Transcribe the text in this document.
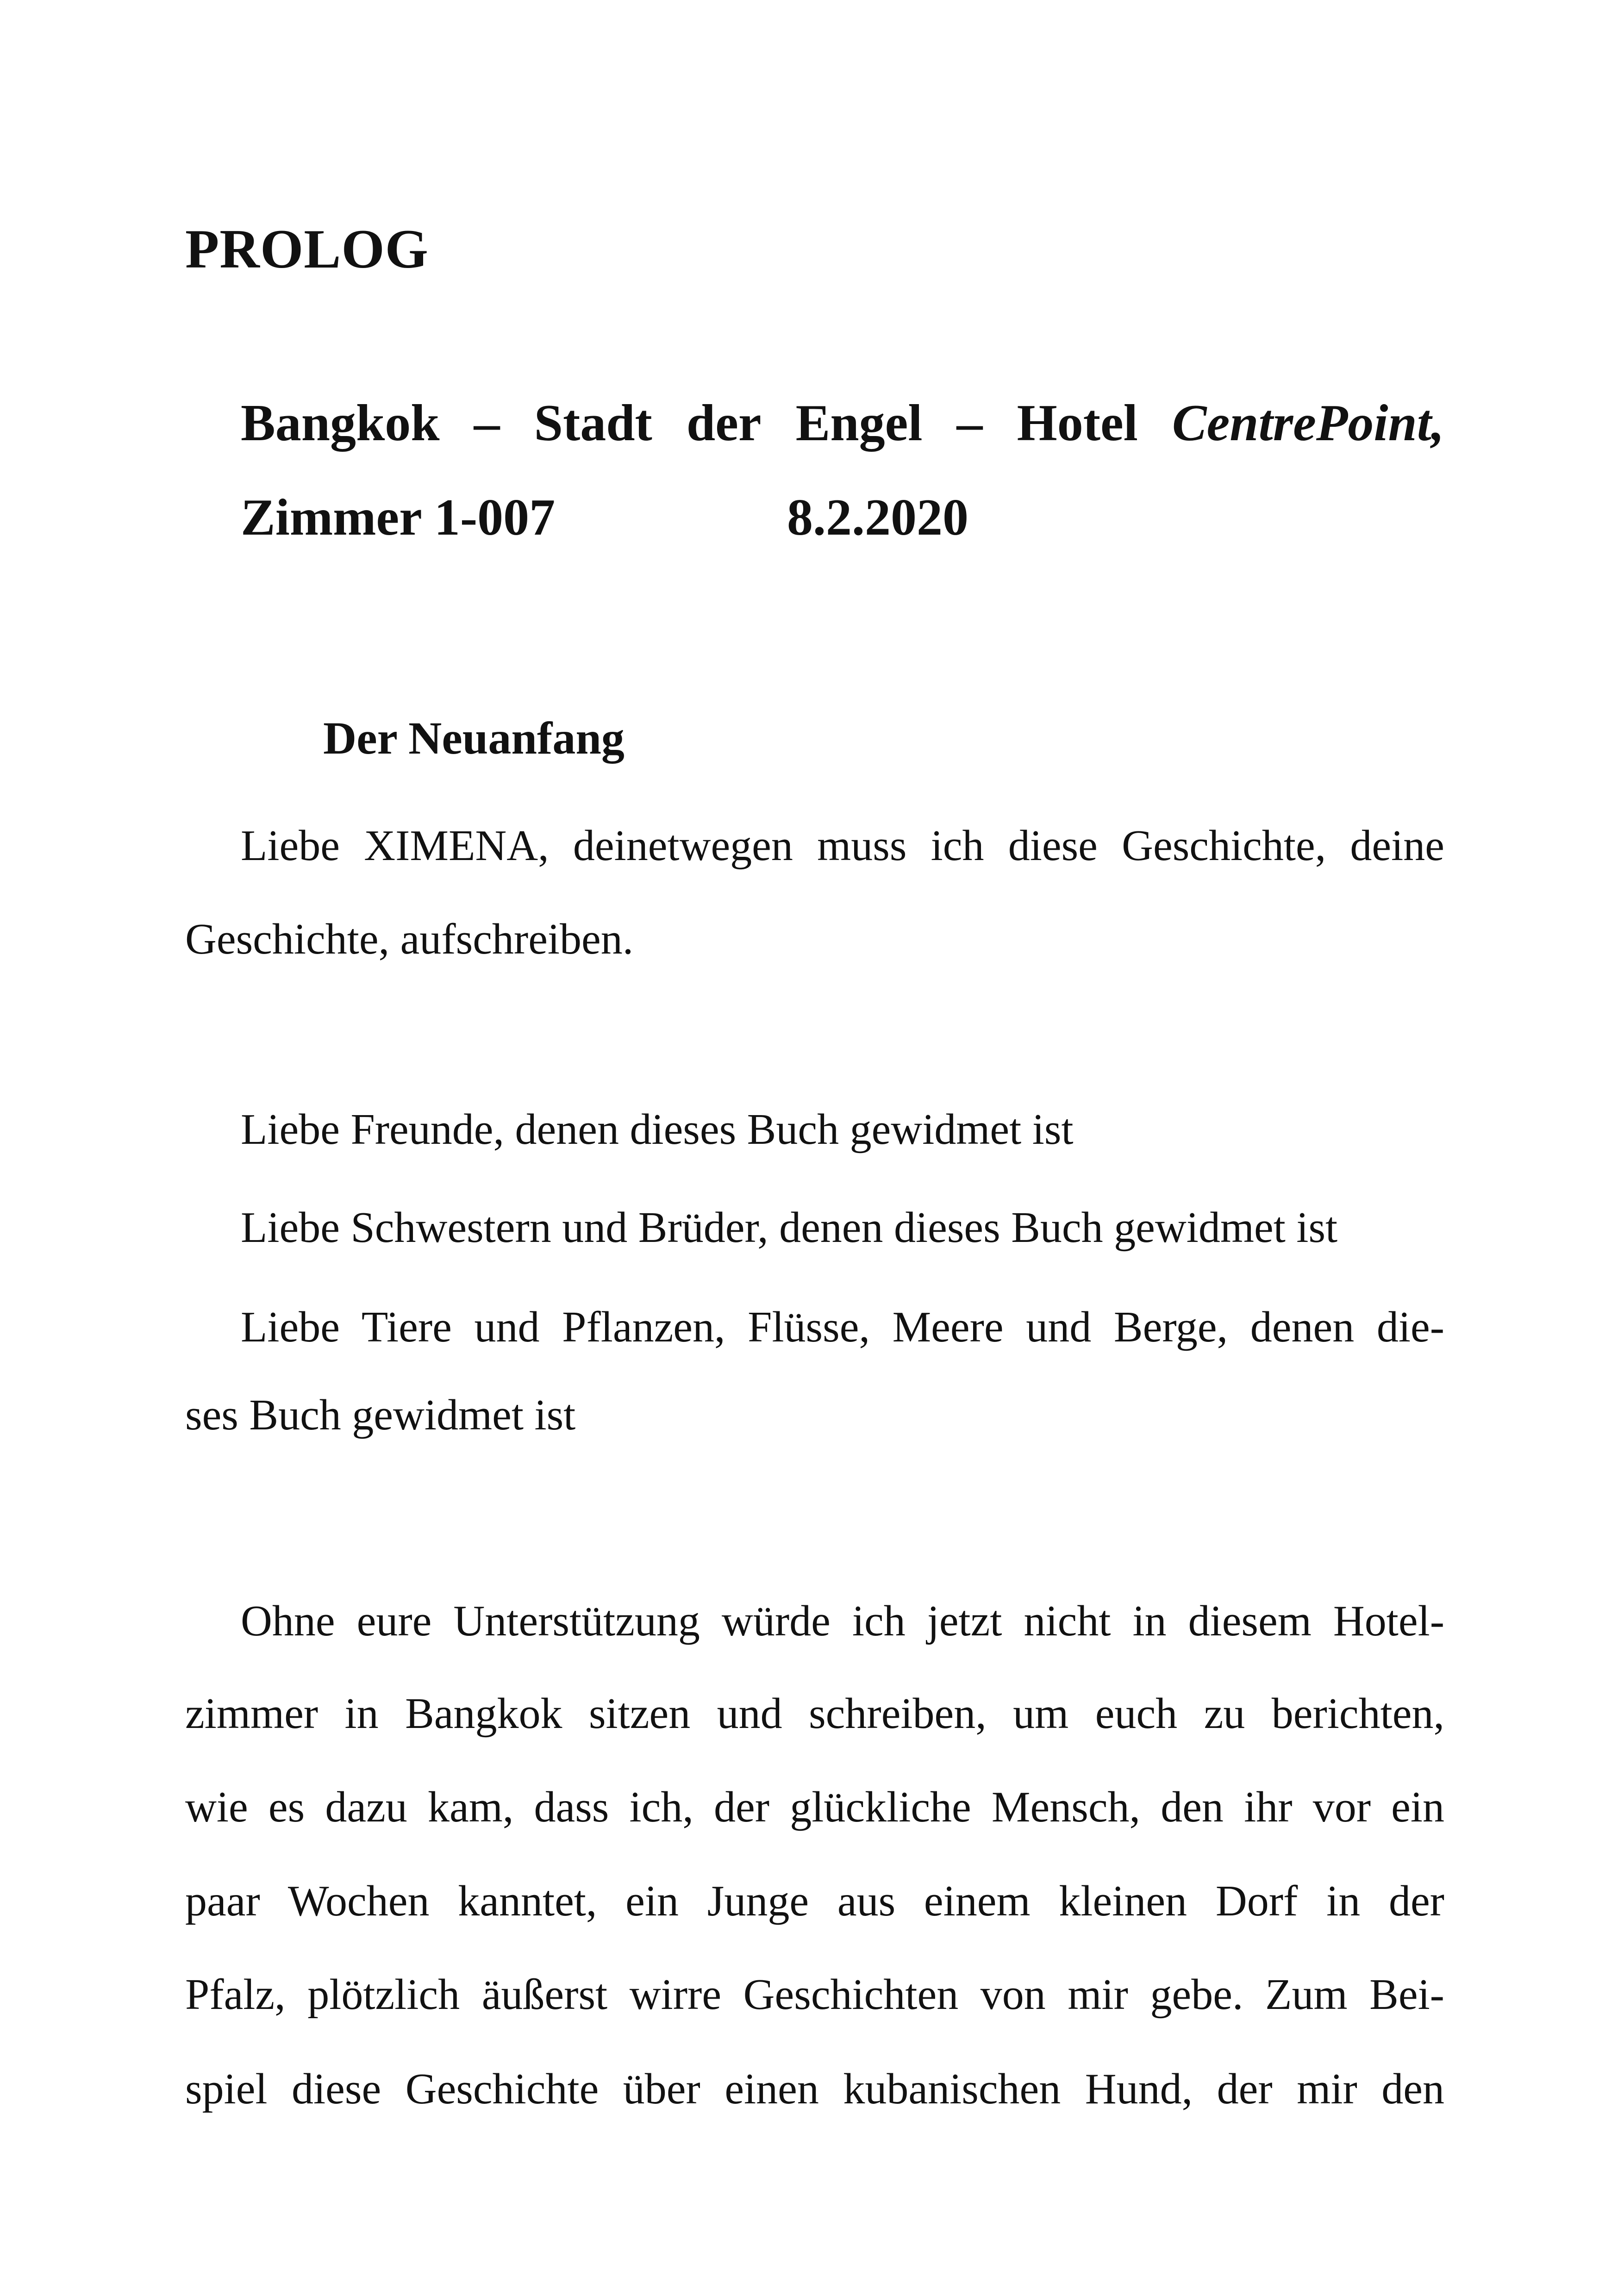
PROLOG
Bangkok – Stadt der Engel – Hotel CentrePoint,
Zimmer 1-007	8.2.2020
Der Neuanfang

Liebe XIMENA, deinetwegen muss ich diese Geschichte, deine

Geschichte, aufschreiben.

Liebe Freunde, denen dieses Buch gewidmet ist

Liebe Schwestern und Brüder, denen dieses Buch gewidmet ist

Liebe Tiere und Pflanzen, Flüsse, Meere und Berge, denen die-

ses Buch gewidmet ist

Ohne eure Unterstützung würde ich jetzt nicht in diesem Hotel-

zimmer in Bangkok sitzen und schreiben, um euch zu berichten,

wie es dazu kam, dass ich, der glückliche Mensch, den ihr vor ein

paar Wochen kanntet, ein Junge aus einem kleinen Dorf in der

Pfalz, plötzlich äußerst wirre Geschichten von mir gebe. Zum Bei-

spiel diese Geschichte über einen kubanischen Hund, der mir den
